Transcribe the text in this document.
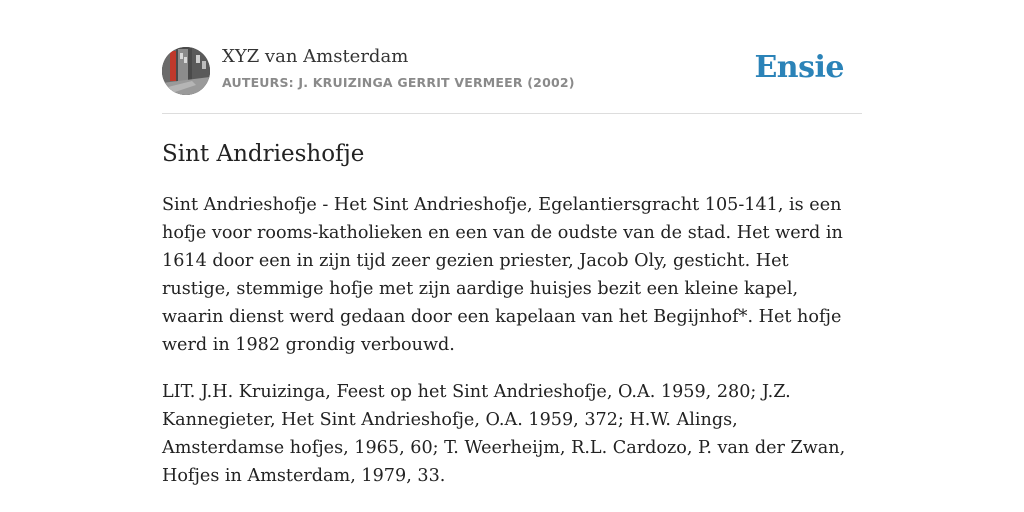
XYZ van Amsterdam
AUTEURS: J. KRUIZINGA GERRIT VERMEER (2002)	Ensie
Sint Andrieshofje

Sint Andrieshofje - Het Sint Andrieshofje, Egelantiersgracht 105-141, is een hofje voor rooms-katholieken en een van de oudste van de stad. Het werd in 1614 door een in zijn tijd zeer gezien priester, Jacob Oly, gesticht. Het rustige, stemmige hofje met zijn aardige huisjes bezit een kleine kapel, waarin dienst werd gedaan door een kapelaan van het Begijnhof*. Het hofje werd in 1982 grondig verbouwd.

LIT. J.H. Kruizinga, Feest op het Sint Andrieshofje, O.A. 1959, 280; J.Z. Kannegieter, Het Sint Andrieshofje, O.A. 1959, 372; H.W. Alings, Amsterdamse hofjes, 1965, 60; T. Weerheijm, R.L. Cardozo, P. van der Zwan, Hofjes in Amsterdam, 1979, 33.
